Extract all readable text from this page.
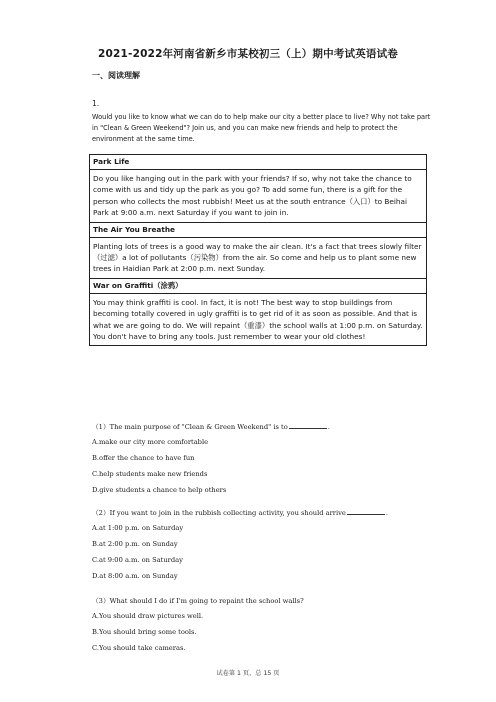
2021-2022年河南省新乡市某校初三（上）期中考试英语试卷
一、阅读理解
1.
Would you like to know what we can do to help make our city a better place to live? Why not take part in "Clean & Green Weekend"? Join us, and you can make new friends and help to protect the environment at the same time.
Park Life
Do you like hanging out in the park with your friends? If so, why not take the chance to come with us and tidy up the park as you go? To add some fun, there is a gift for the person who collects the most rubbish! Meet us at the south entrance（入口）to Beihai Park at 9:00 a.m. next Saturday if you want to join in.
The Air You Breathe
Planting lots of trees is a good way to make the air clean. It's a fact that trees slowly filter（过滤）a lot of pollutants（污染物）from the air. So come and help us to plant some new trees in Haidian Park at 2:00 p.m. next Sunday.
War on Graffiti（涂鸦）
You may think graffiti is cool. In fact, it is not! The best way to stop buildings from becoming totally covered in ugly graffiti is to get rid of it as soon as possible. And that is what we are going to do. We will repaint（重漆）the school walls at 1:00 p.m. on Saturday. You don't have to bring any tools. Just remember to wear your old clothes!
（1）The main purpose of "Clean & Green Weekend" is to	.
A.make our city more comfortable
B.offer the chance to have fun
C.help students make new friends
D.give students a chance to help others
（2）If you want to join in the rubbish collecting activity, you should arrive	.
A.at 1:00 p.m. on Saturday
B.at 2:00 p.m. on Sunday
C.at 9:00 a.m. on Saturday
D.at 8:00 a.m. on Sunday
（3）What should I do if I'm going to repaint the school walls?
A.You should draw pictures well.
B.You should bring some tools.
C.You should take cameras.
试卷第 1 页，总 15 页
